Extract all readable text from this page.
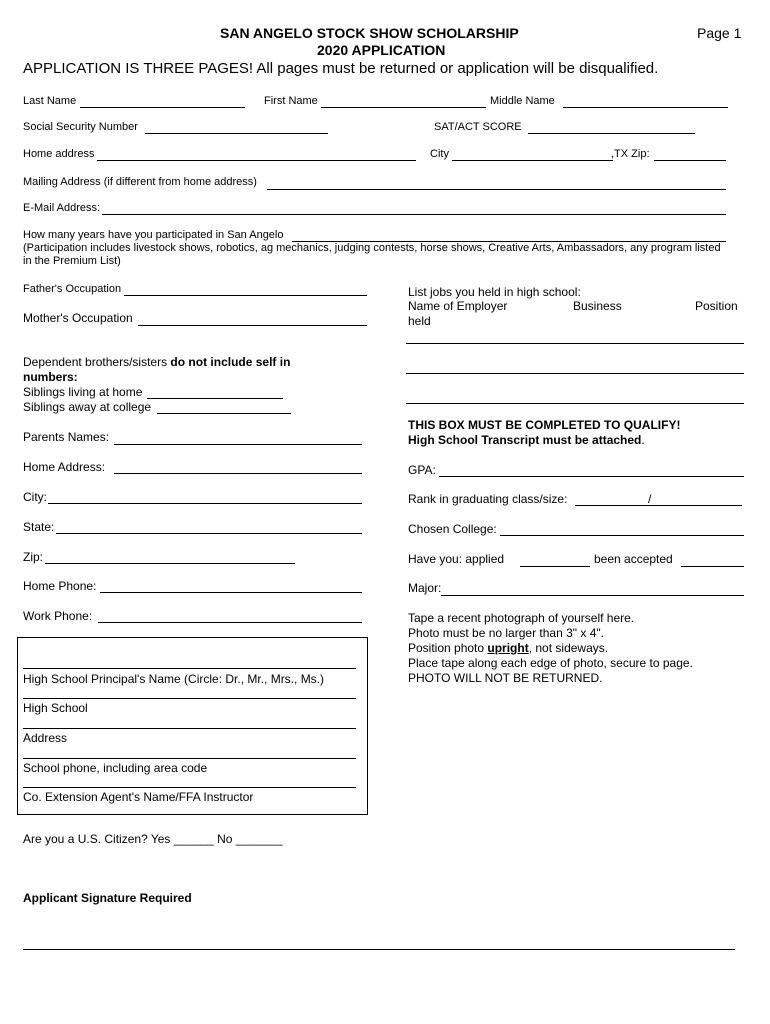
SAN ANGELO STOCK SHOW SCHOLARSHIP
2020 APPLICATION
Page 1
APPLICATION IS THREE PAGES! All pages must be returned or application will be disqualified.
Last Name	First Name	Middle Name
Social Security Number	SAT/ACT SCORE
Home address	City	,TX Zip:
Mailing Address (if different from home address)
E-Mail Address:
How many years have you participated in San Angelo
(Participation includes livestock shows, robotics, ag mechanics, judging contests, horse shows, Creative Arts, Ambassadors, any program listed
in the Premium List)
Father's Occupation
Mother's Occupation
Dependent brothers/sisters do not include self in
numbers:
Siblings living at home
Siblings away at college
Parents Names:
Home Address:
City:
State:
Zip:
Home Phone:
Work Phone:
List jobs you held in high school:
Name of Employer	Business	Position
held
THIS BOX MUST BE COMPLETED TO QUALIFY!
High School Transcript must be attached.
GPA:
Rank in graduating class/size:	/
Chosen College:
Have you: applied	been accepted
Major:
Tape a recent photograph of yourself here.
Photo must be no larger than 3" x 4".
Position photo upright, not sideways.
Place tape along each edge of photo, secure to page.
PHOTO WILL NOT BE RETURNED.
High School Principal's Name (Circle: Dr., Mr., Mrs., Ms.)
High School
Address
School phone, including area code
Co. Extension Agent's Name/FFA Instructor
Are you a U.S. Citizen? Yes ______ No _______
Applicant Signature Required
